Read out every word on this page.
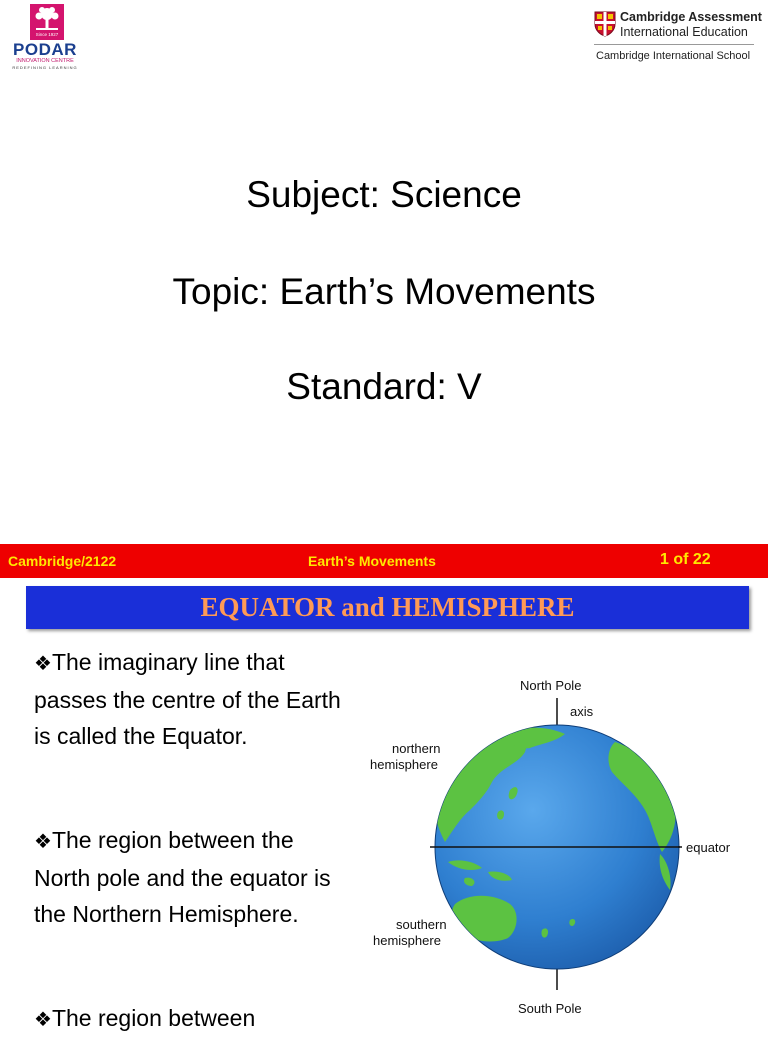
Since 1927
PODAR
INNOVATION CENTRE
REDEFINING LEARNING
Cambridge Assessment
International Education
Cambridge International School
Subject: Science
Topic: Earth’s Movements
Standard: V
Cambridge/2122	Earth’s Movements	1 of 22
EQUATOR and HEMISPHERE
❖The imaginary line that passes the centre of the Earth is called the Equator.
❖The region between the North pole and the equator is the Northern Hemisphere.
❖The region between
North Pole
axis
northern
hemisphere
equator
southern
hemisphere
South Pole
